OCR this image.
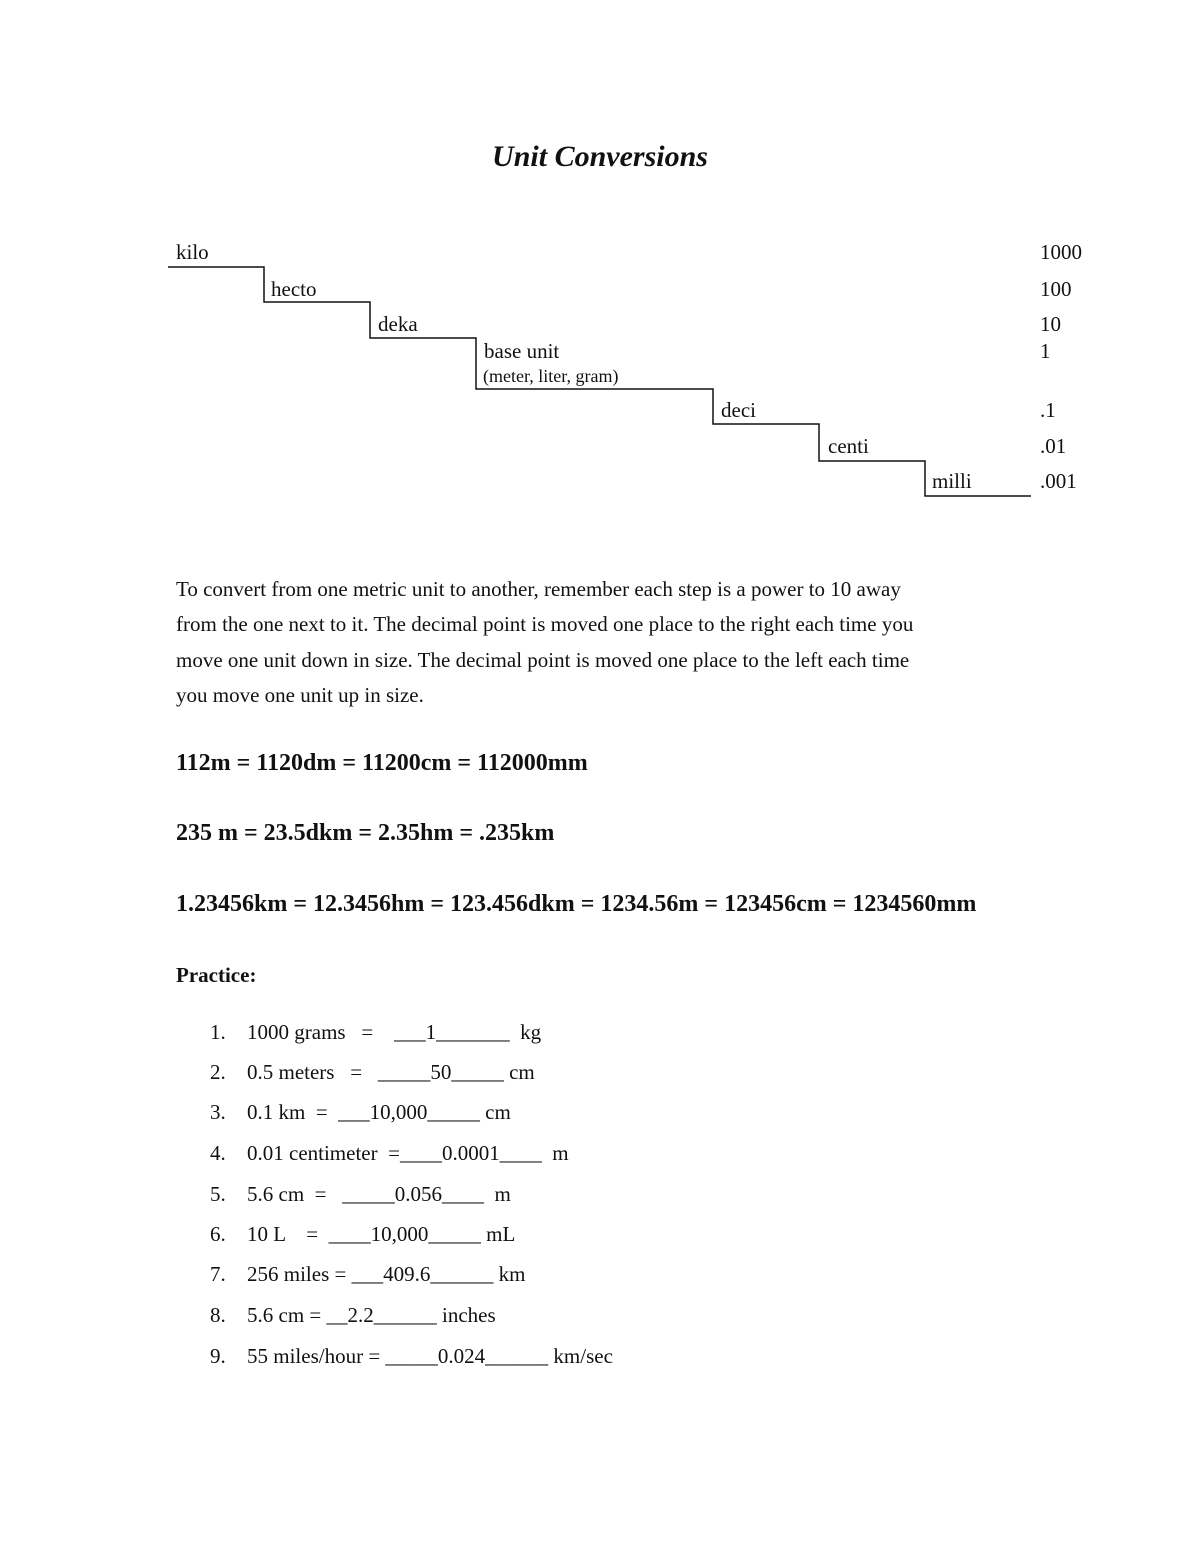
Unit Conversions
kilo
hecto
deka
base unit
(meter, liter, gram)
deci
centi
milli
1000
100
10
1
.1
.01
.001

To convert from one metric unit to another, remember each step is a power to 10 away
from the one next to it. The decimal point is moved one place to the right each time you
move one unit down in size. The decimal point is moved one place to the left each time
you move one unit up in size.

112m = 1120dm = 11200cm = 112000mm

235 m = 23.5dkm = 2.35hm = .235km

1.23456km = 12.3456hm = 123.456dkm = 1234.56m = 123456cm = 1234560mm

Practice:

1. 1000 grams   =    ___1_______  kg
2. 0.5 meters   =   _____50_____ cm
3. 0.1 km  =  ___10,000_____ cm
4. 0.01 centimeter  =____0.0001____  m
5. 5.6 cm  =   _____0.056____  m
6. 10 L    =  ____10,000_____ mL
7. 256 miles = ___409.6______ km
8. 5.6 cm = __2.2______ inches
9. 55 miles/hour = _____0.024______ km/sec
